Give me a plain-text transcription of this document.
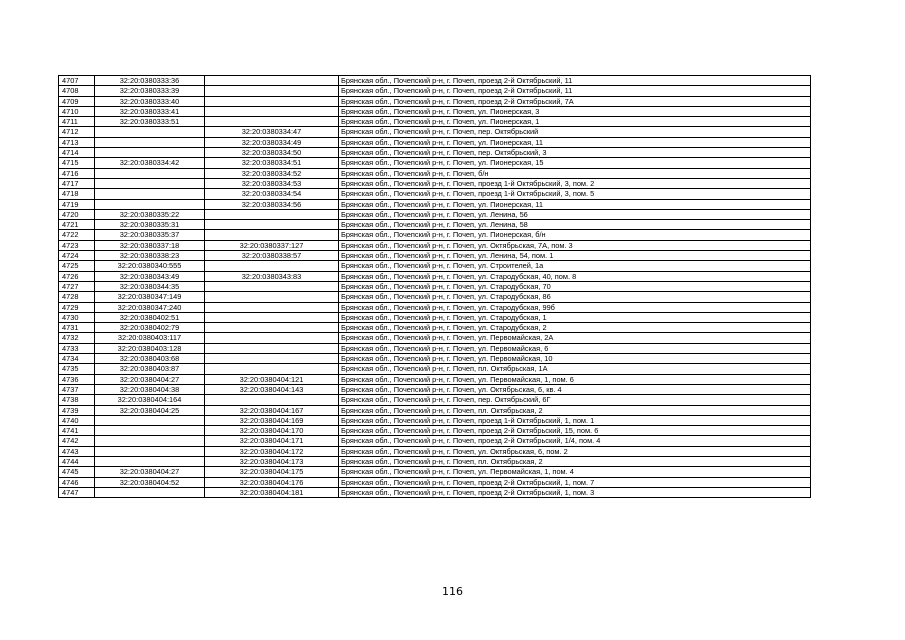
4707	32:20:0380333:36		Брянская обл., Почепский р-н, г. Почеп, проезд 2-й Октябрьский, 11
4708	32:20:0380333:39		Брянская обл., Почепский р-н, г. Почеп, проезд 2-й Октябрьский, 11
4709	32:20:0380333:40		Брянская обл., Почепский р-н, г. Почеп, проезд 2-й Октябрьский, 7А
4710	32:20:0380333:41		Брянская обл., Почепский р-н, г. Почеп, ул. Пионерская, 3
4711	32:20:0380333:51		Брянская обл., Почепский р-н, г. Почеп, ул. Пионерская, 1
4712		32:20:0380334:47	Брянская обл., Почепский р-н, г. Почеп, пер. Октябрьский
4713		32:20:0380334:49	Брянская обл., Почепский р-н, г. Почеп, ул. Пионерская, 11
4714		32:20:0380334:50	Брянская обл., Почепский р-н, г. Почеп, пер. Октябрьский, 3
4715	32:20:0380334:42	32:20:0380334:51	Брянская обл., Почепский р-н, г. Почеп, ул. Пионерская, 15
4716		32:20:0380334:52	Брянская обл., Почепский р-н, г. Почеп, б/н
4717		32:20:0380334:53	Брянская обл., Почепский р-н, г. Почеп, проезд 1-й Октябрьский, 3, пом. 2
4718		32:20:0380334:54	Брянская обл., Почепский р-н, г. Почеп, проезд 1-й Октябрьский, 3, пом. 5
4719		32:20:0380334:56	Брянская обл., Почепский р-н, г. Почеп, ул. Пионерская, 11
4720	32:20:0380335:22		Брянская обл., Почепский р-н, г. Почеп, ул. Ленина, 56
4721	32:20:0380335:31		Брянская обл., Почепский р-н, г. Почеп, ул. Ленина, 58
4722	32:20:0380335:37		Брянская обл., Почепский р-н, г. Почеп, ул. Пионерская, б/н
4723	32:20:0380337:18	32:20:0380337:127	Брянская обл., Почепский р-н, г. Почеп, ул. Октябрьская, 7А, пом. 3
4724	32:20:0380338:23	32:20:0380338:57	Брянская обл., Почепский р-н, г. Почеп, ул. Ленина, 54, пом. 1
4725	32:20:0380340:555		Брянская обл., Почепский р-н, г. Почеп, ул. Строителей, 1а
4726	32:20:0380343:49	32:20:0380343:83	Брянская обл., Почепский р-н, г. Почеп, ул. Стародубская, 40, пом. 8
4727	32:20:0380344:35		Брянская обл., Почепский р-н, г. Почеп, ул. Стародубская, 70
4728	32:20:0380347:149		Брянская обл., Почепский р-н, г. Почеп, ул. Стародубская, 86
4729	32:20:0380347:240		Брянская обл., Почепский р-н, г. Почеп, ул. Стародубская, 99б
4730	32:20:0380402:51		Брянская обл., Почепский р-н, г. Почеп, ул. Стародубская, 1
4731	32:20:0380402:79		Брянская обл., Почепский р-н, г. Почеп, ул. Стародубская, 2
4732	32:20:0380403:117		Брянская обл., Почепский р-н, г. Почеп, ул. Первомайская, 2А
4733	32:20:0380403:128		Брянская обл., Почепский р-н, г. Почеп, ул. Первомайская, 6
4734	32:20:0380403:68		Брянская обл., Почепский р-н, г. Почеп, ул. Первомайская, 10
4735	32:20:0380403:87		Брянская обл., Почепский р-н, г. Почеп, пл. Октябрьская, 1А
4736	32:20:0380404:27	32:20:0380404:121	Брянская обл., Почепский р-н, г. Почеп, ул. Первомайская, 1, пом. 6
4737	32:20:0380404:38	32:20:0380404:143	Брянская обл., Почепский р-н, г. Почеп, ул. Октябрьская, 6, кв. 4
4738	32:20:0380404:164		Брянская обл., Почепский р-н, г. Почеп, пер. Октябрьский, 6Г
4739	32:20:0380404:25	32:20:0380404:167	Брянская обл., Почепский р-н, г. Почеп, пл. Октябрьская, 2
4740		32:20:0380404:169	Брянская обл., Почепский р-н, г. Почеп, проезд 1-й Октябрьский, 1, пом. 1
4741		32:20:0380404:170	Брянская обл., Почепский р-н, г. Почеп, проезд 2-й Октябрьский, 15, пом. 6
4742		32:20:0380404:171	Брянская обл., Почепский р-н, г. Почеп, проезд 2-й Октябрьский, 1/4, пом. 4
4743		32:20:0380404:172	Брянская обл., Почепский р-н, г. Почеп, ул. Октябрьская, 6, пом. 2
4744		32:20:0380404:173	Брянская обл., Почепский р-н, г. Почеп, пл. Октябрьская, 2
4745	32:20:0380404:27	32:20:0380404:175	Брянская обл., Почепский р-н, г. Почеп, ул. Первомайская, 1, пом. 4
4746	32:20:0380404:52	32:20:0380404:176	Брянская обл., Почепский р-н, г. Почеп, проезд 2-й Октябрьский, 1, пом. 7
4747		32:20:0380404:181	Брянская обл., Почепский р-н, г. Почеп, проезд 2-й Октябрьский, 1, пом. 3
116
